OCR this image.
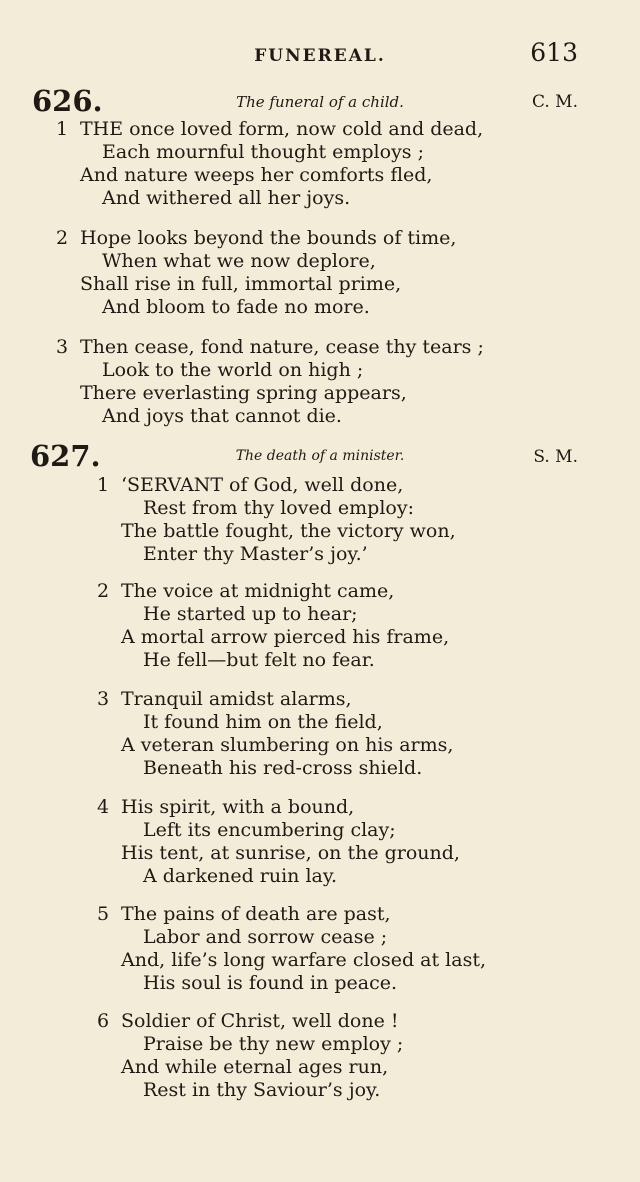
FUNEREAL.	613
626.	The funeral of a child.	C. M.
1 THE once loved form, now cold and dead,
Each mournful thought employs ;
And nature weeps her comforts fled,
And withered all her joys.
2 Hope looks beyond the bounds of time,
When what we now deplore,
Shall rise in full, immortal prime,
And bloom to fade no more.
3 Then cease, fond nature, cease thy tears ;
Look to the world on high ;
There everlasting spring appears,
And joys that cannot die.
627.	The death of a minister.	S. M.
1 ‘SERVANT of God, well done,
Rest from thy loved employ:
The battle fought, the victory won,
Enter thy Master’s joy.’
2 The voice at midnight came,
He started up to hear;
A mortal arrow pierced his frame,
He fell—but felt no fear.
3 Tranquil amidst alarms,
It found him on the field,
A veteran slumbering on his arms,
Beneath his red-cross shield.
4 His spirit, with a bound,
Left its encumbering clay;
His tent, at sunrise, on the ground,
A darkened ruin lay.
5 The pains of death are past,
Labor and sorrow cease ;
And, life’s long warfare closed at last,
His soul is found in peace.
6 Soldier of Christ, well done !
Praise be thy new employ ;
And while eternal ages run,
Rest in thy Saviour’s joy.
